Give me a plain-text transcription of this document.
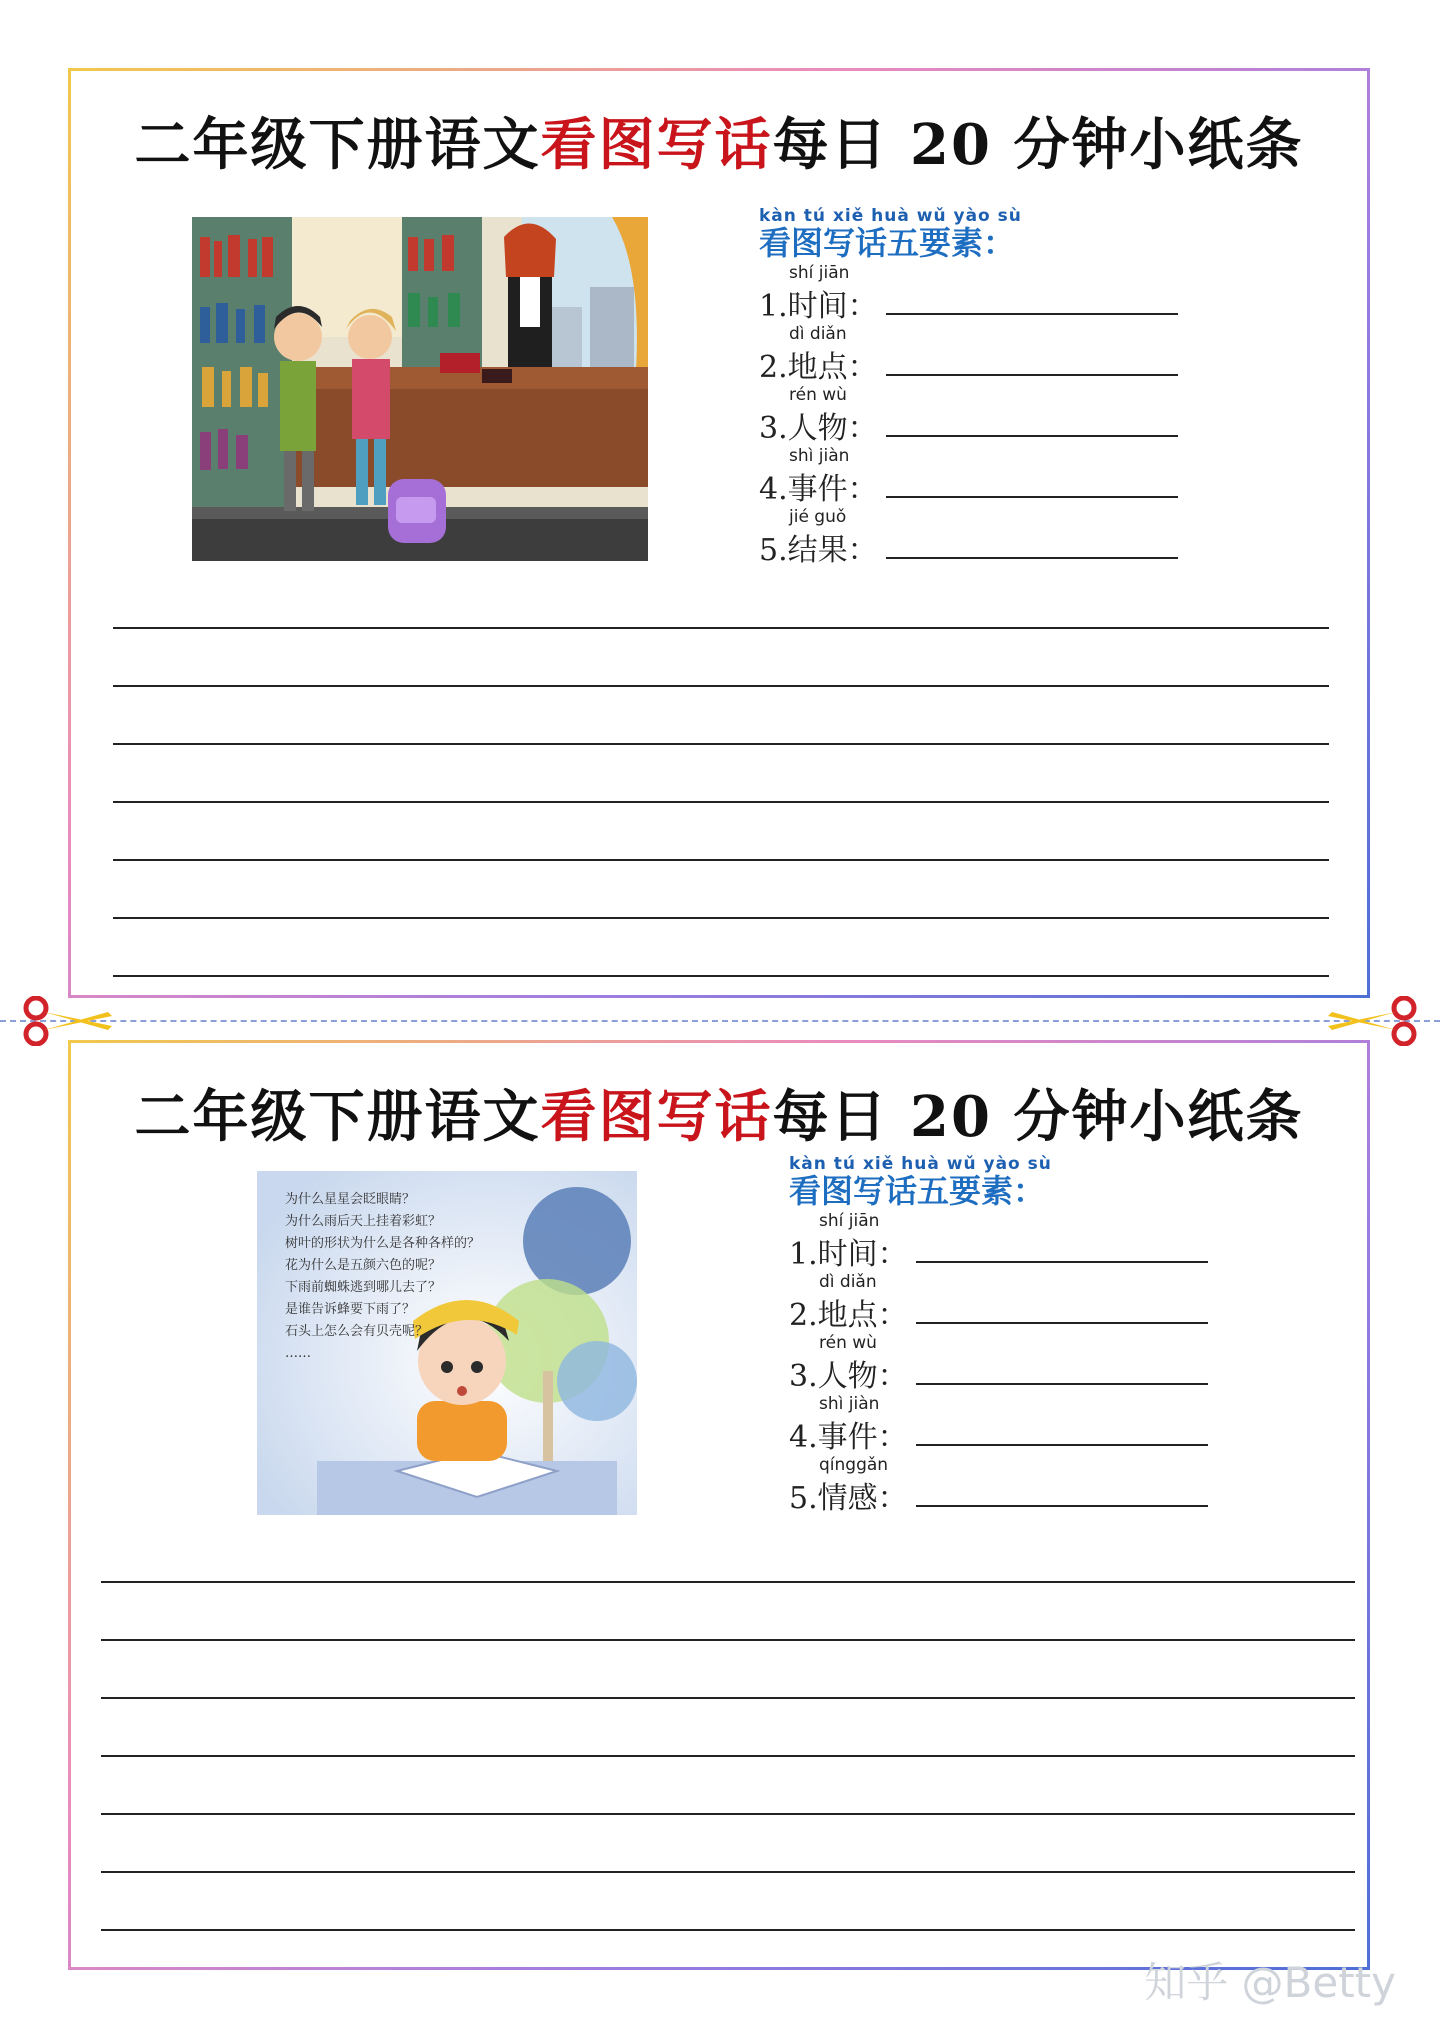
二年级下册语文看图写话每日 20 分钟小纸条
kàn tú xiě huà wǔ yào sù
看图写话五要素：
shí jiān
1.时间：
dì diǎn
2.地点：
rén wù
3.人物：
shì jiàn
4.事件：
jié guǒ
5.结果：
二年级下册语文看图写话每日 20 分钟小纸条
为什么星星会眨眼睛？
为什么雨后天上挂着彩虹？
树叶的形状为什么是各种各样的？
花为什么是五颜六色的呢？
下雨前蜘蛛逃到哪儿去了？
是谁告诉蜂要下雨了？
石头上怎么会有贝壳呢？
……
kàn tú xiě huà wǔ yào sù
看图写话五要素：
shí jiān
1.时间：
dì diǎn
2.地点：
rén wù
3.人物：
shì jiàn
4.事件：
qínggǎn
5.情感：
知乎 @Betty
